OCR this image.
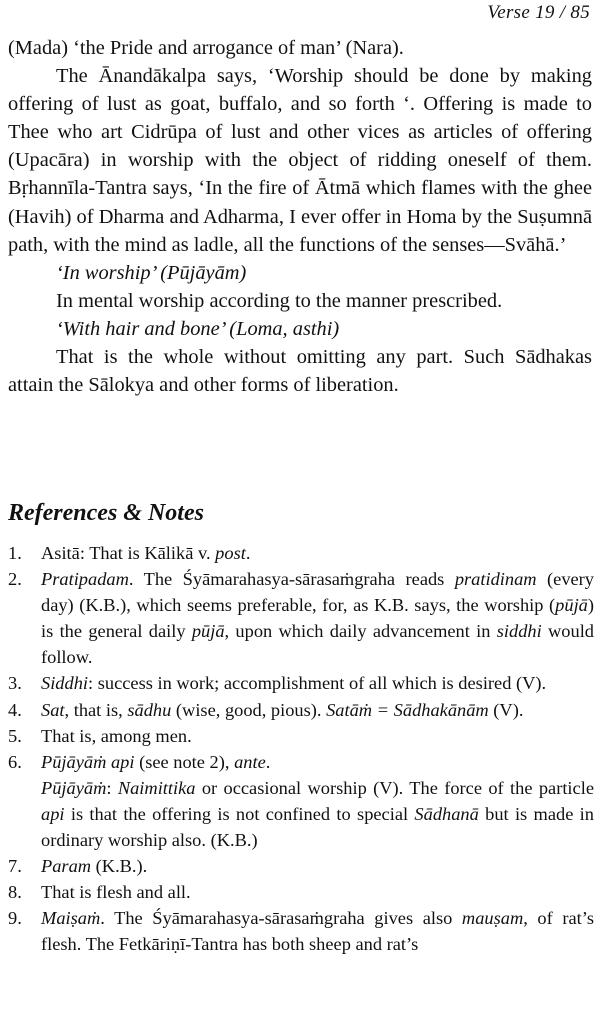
Verse 19 / 85

(Mada) ‘the Pride and arrogance of man’ (Nara).

The Ānandākalpa says, ‘Worship should be done by making offering of lust as goat, buffalo, and so forth ‘. Offering is made to Thee who art Cidrūpa of lust and other vices as articles of offering (Upacāra) in worship with the object of ridding oneself of them. Bṛhannīla-Tantra says, ‘In the fire of Ātmā which flames with the ghee (Havih) of Dharma and Adharma, I ever offer in Homa by the Suṣumnā path, with the mind as ladle, all the functions of the senses—Svāhā.’

‘In worship’ (Pūjāyām)

In mental worship according to the manner prescribed.

‘With hair and bone’ (Loma, asthi)

That is the whole without omitting any part. Such Sādhakas attain the Sālokya and other forms of liberation.

References & Notes
1.	Asitā: That is Kālikā v. post.
2.	Pratipadam. The Śyāmarahasya-sārasaṁgraha reads pratidinam (every day) (K.B.), which seems preferable, for, as K.B. says, the worship (pūjā) is the general daily pūjā, upon which daily advancement in siddhi would follow.
3.	Siddhi: success in work; accomplishment of all which is desired (V).
4.	Sat, that is, sādhu (wise, good, pious). Satāṁ = Sādhakānām (V).
5.	That is, among men.
6.	Pūjāyāṁ api (see note 2), ante.
Pūjāyāṁ: Naimittika or occasional worship (V). The force of the particle api is that the offering is not confined to special Sādhanā but is made in ordinary worship also. (K.B.)
7.	Param (K.B.).
8.	That is flesh and all.
9.	Maiṣaṁ. The Śyāmarahasya-sārasaṁgraha gives also mauṣam, of rat’s flesh. The Fetkāriṇī-Tantra has both sheep and rat’s
